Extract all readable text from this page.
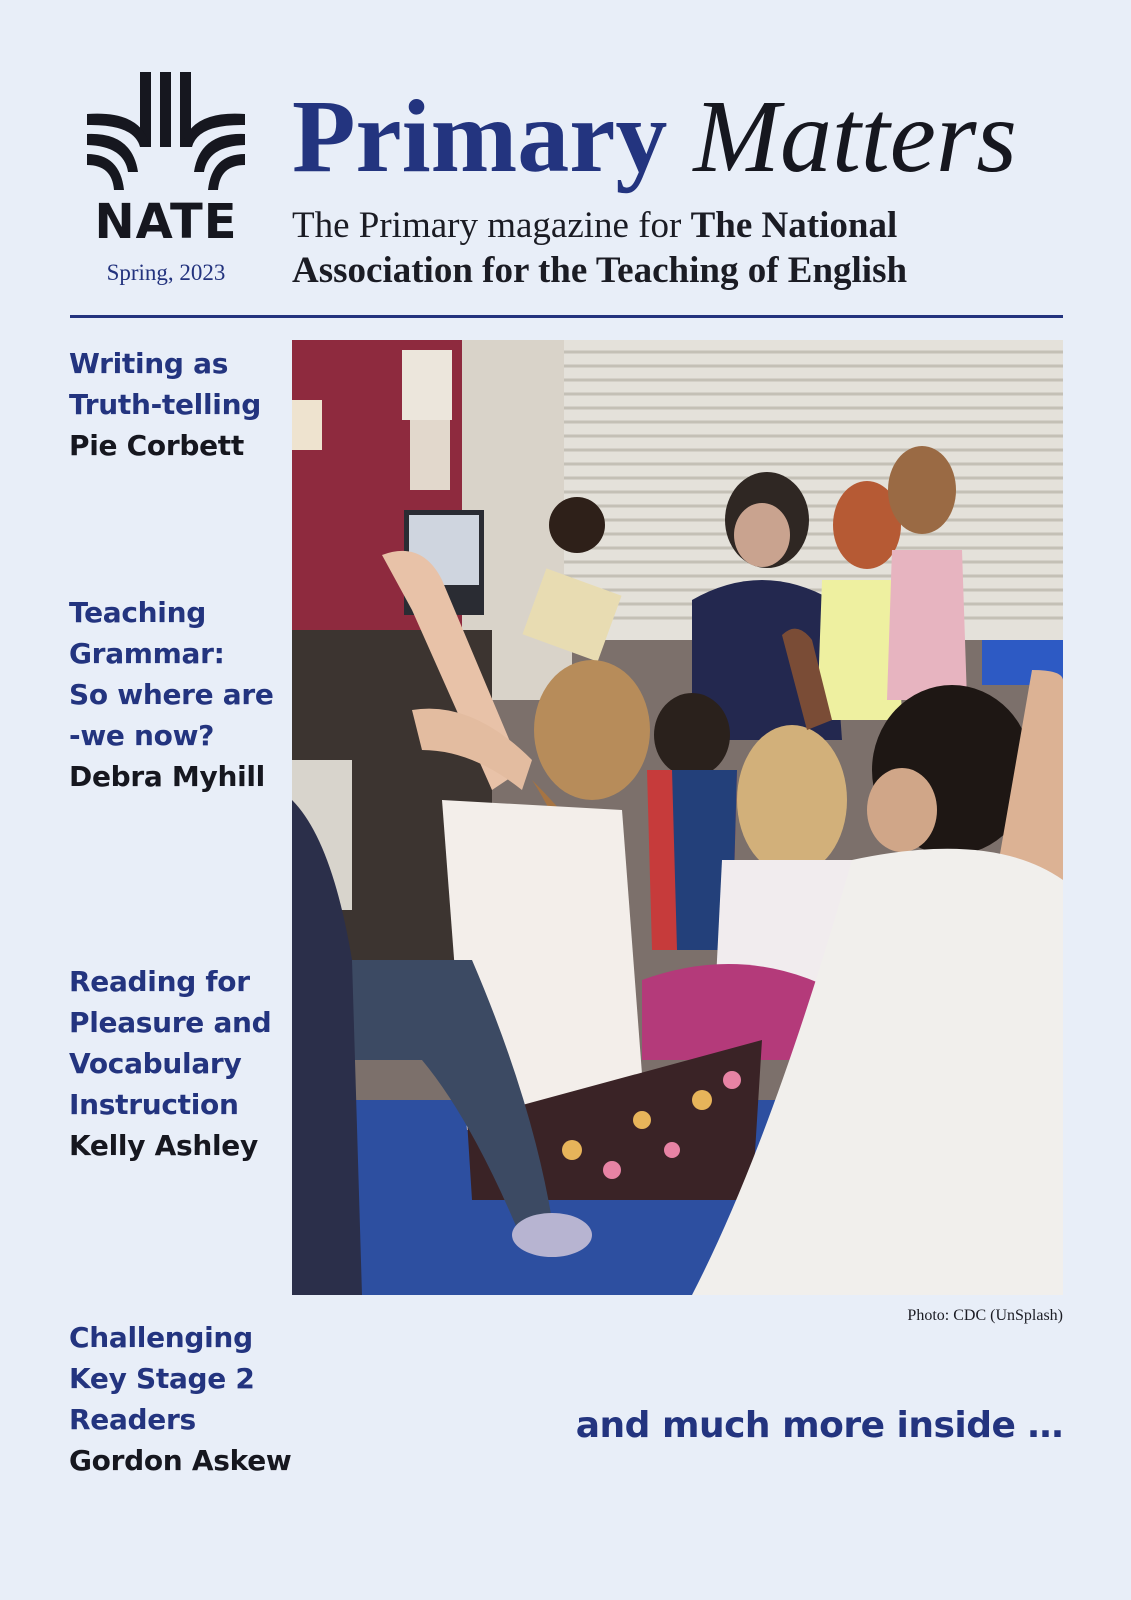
NATE
Spring, 2023
Primary Matters
The Primary magazine for The National
Association for the Teaching of English
Writing as
Truth-telling
Pie Corbett
Teaching
Grammar:
So where are
-we now?
Debra Myhill
Reading for
Pleasure and
Vocabulary
Instruction
Kelly Ashley
Challenging
Key Stage 2
Readers
Gordon Askew
Photo: CDC (UnSplash)
and much more inside …
